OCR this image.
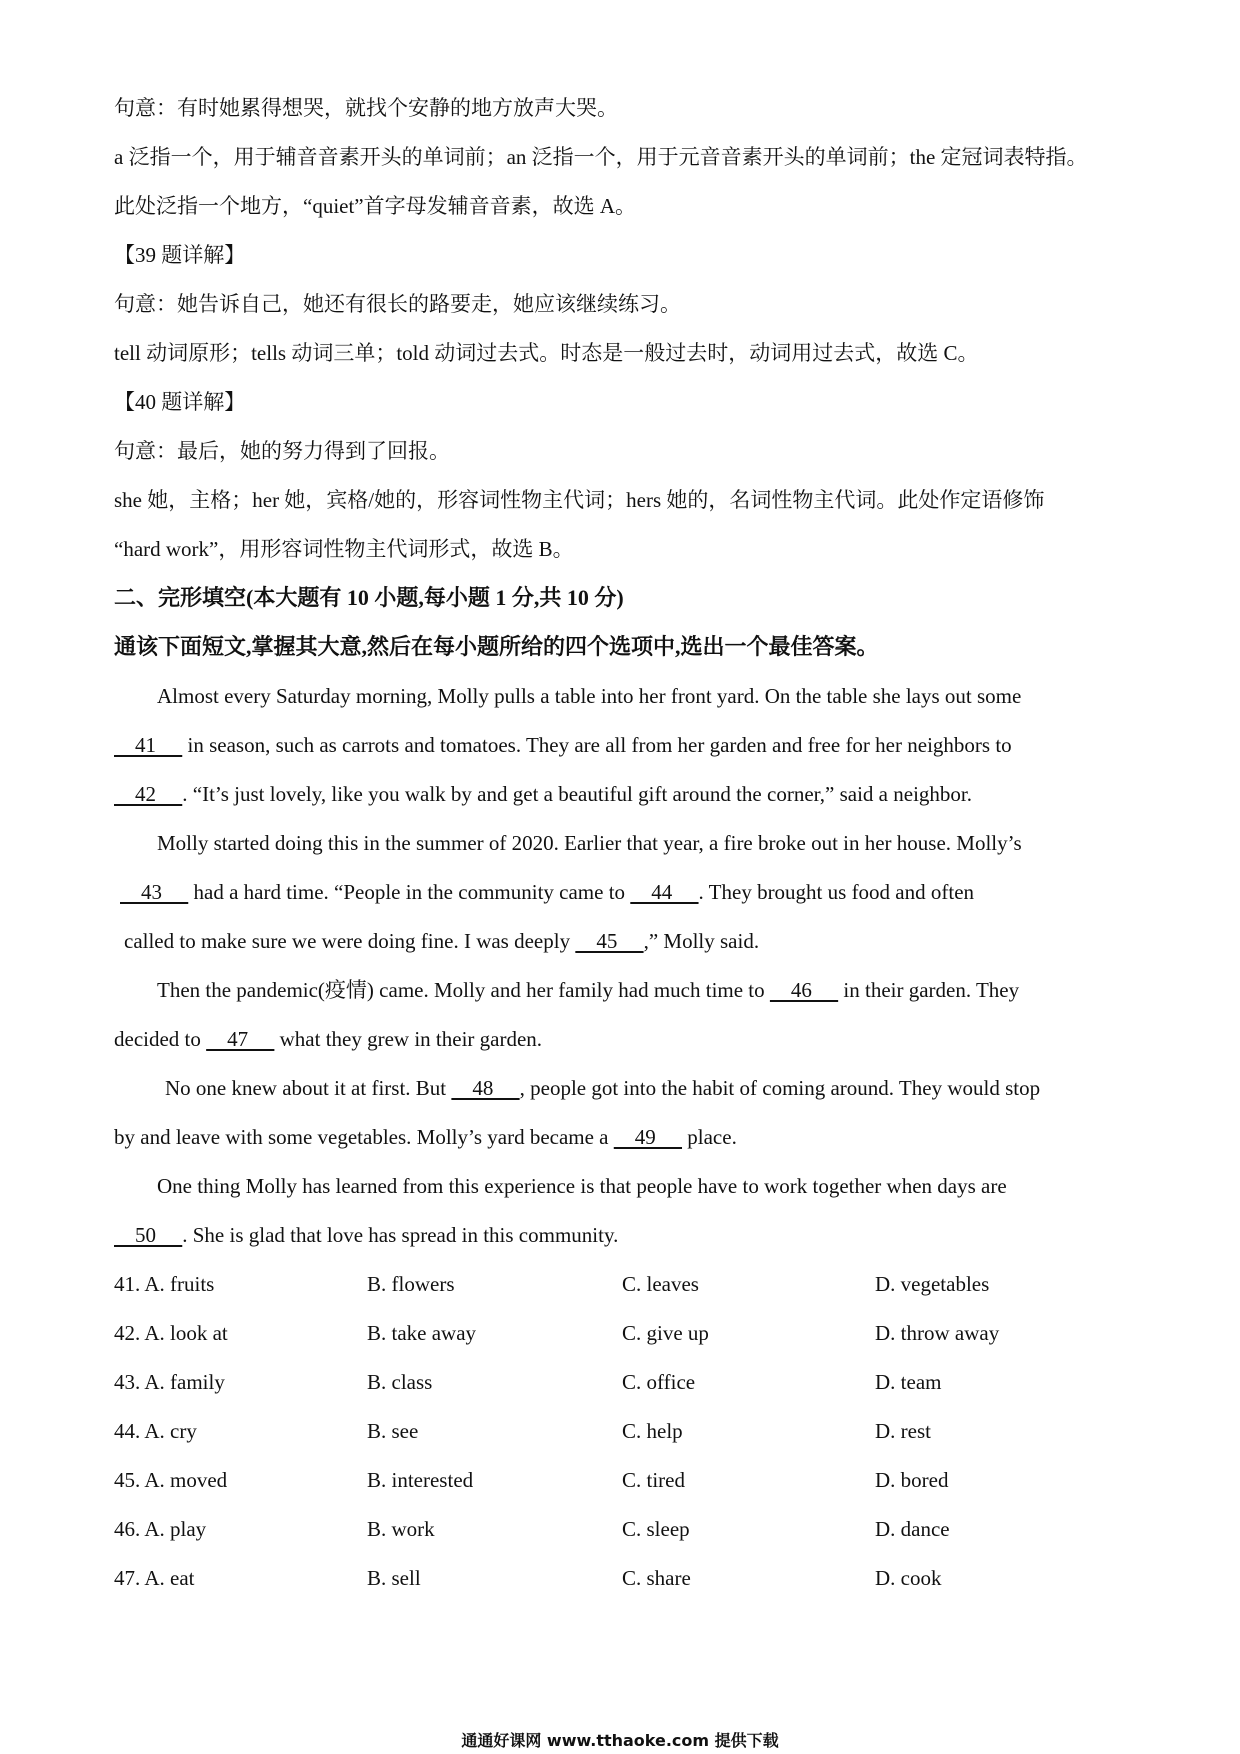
句意：有时她累得想哭，就找个安静的地方放声大哭。
a 泛指一个，用于辅音音素开头的单词前；an 泛指一个，用于元音音素开头的单词前；the 定冠词表特指。
此处泛指一个地方，“quiet”首字母发辅音音素，故选 A。
【39 题详解】
句意：她告诉自己，她还有很长的路要走，她应该继续练习。
tell 动词原形；tells 动词三单；told 动词过去式。时态是一般过去时，动词用过去式，故选 C。
【40 题详解】
句意：最后，她的努力得到了回报。
she 她，主格；her 她，宾格/她的，形容词性物主代词；hers 她的，名词性物主代词。此处作定语修饰
“hard work”，用形容词性物主代词形式，故选 B。
二、完形填空(本大题有 10 小题,每小题 1 分,共 10 分)
通该下面短文,掌握其大意,然后在每小题所给的四个选项中,选出一个最佳答案。
Almost every Saturday morning, Molly pulls a table into her front yard. On the table she lays out some
41      in season, such as carrots and tomatoes. They are all from her garden and free for her neighbors to
42     . “It’s just lovely, like you walk by and get a beautiful gift around the corner,” said a neighbor.
Molly started doing this in the summer of 2020. Earlier that year, a fire broke out in her house. Molly’s
43      had a hard time. “People in the community came to     44     . They brought us food and often
called to make sure we were doing fine. I was deeply     45     ,” Molly said.
Then the pandemic(疫情) came. Molly and her family had much time to     46      in their garden. They
decided to     47      what they grew in their garden.
No one knew about it at first. But     48     , people got into the habit of coming around. They would stop
by and leave with some vegetables. Molly’s yard became a     49      place.
One thing Molly has learned from this experience is that people have to work together when days are
50     . She is glad that love has spread in this community.
41. A. fruits	B. flowers	C. leaves	D. vegetables
42. A. look at	B. take away	C. give up	D. throw away
43. A. family	B. class	C. office	D. team
44. A. cry	B. see	C. help	D. rest
45. A. moved	B. interested	C. tired	D. bored
46. A. play	B. work	C. sleep	D. dance
47. A. eat	B. sell	C. share	D. cook
通通好课网 www.tthaoke.com 提供下载
